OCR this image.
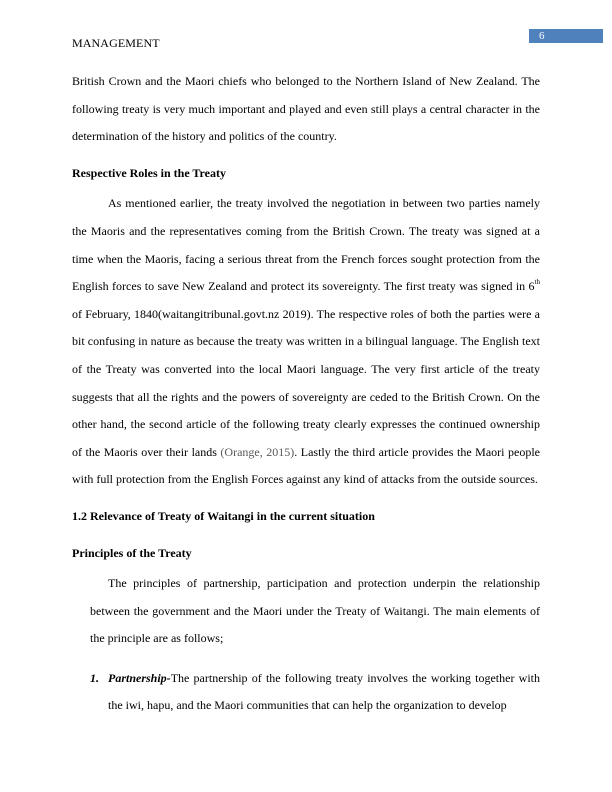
6
MANAGEMENT

British Crown and the Maori chiefs who belonged to the Northern Island of New Zealand. The following treaty is very much important and played and even still plays a central character in the determination of the history and politics of the country.

Respective Roles in the Treaty

As mentioned earlier, the treaty involved the negotiation in between two parties namely the Maoris and the representatives coming from the British Crown. The treaty was signed at a time when the Maoris, facing a serious threat from the French forces sought protection from the English forces to save New Zealand and protect its sovereignty. The first treaty was signed in 6th of February, 1840(waitangitribunal.govt.nz 2019). The respective roles of both the parties were a bit confusing in nature as because the treaty was written in a bilingual language. The English text of the Treaty was converted into the local Maori language. The very first article of the treaty suggests that all the rights and the powers of sovereignty are ceded to the British Crown. On the other hand, the second article of the following treaty clearly expresses the continued ownership of the Maoris over their lands (Orange, 2015). Lastly the third article provides the Maori people with full protection from the English Forces against any kind of attacks from the outside sources.

1.2 Relevance of Treaty of Waitangi in the current situation
Principles of the Treaty

The principles of partnership, participation and protection underpin the relationship between the government and the Maori under the Treaty of Waitangi. The main elements of the principle are as follows;

1. Partnership-The partnership of the following treaty involves the working together with the iwi, hapu, and the Maori communities that can help the organization to develop
